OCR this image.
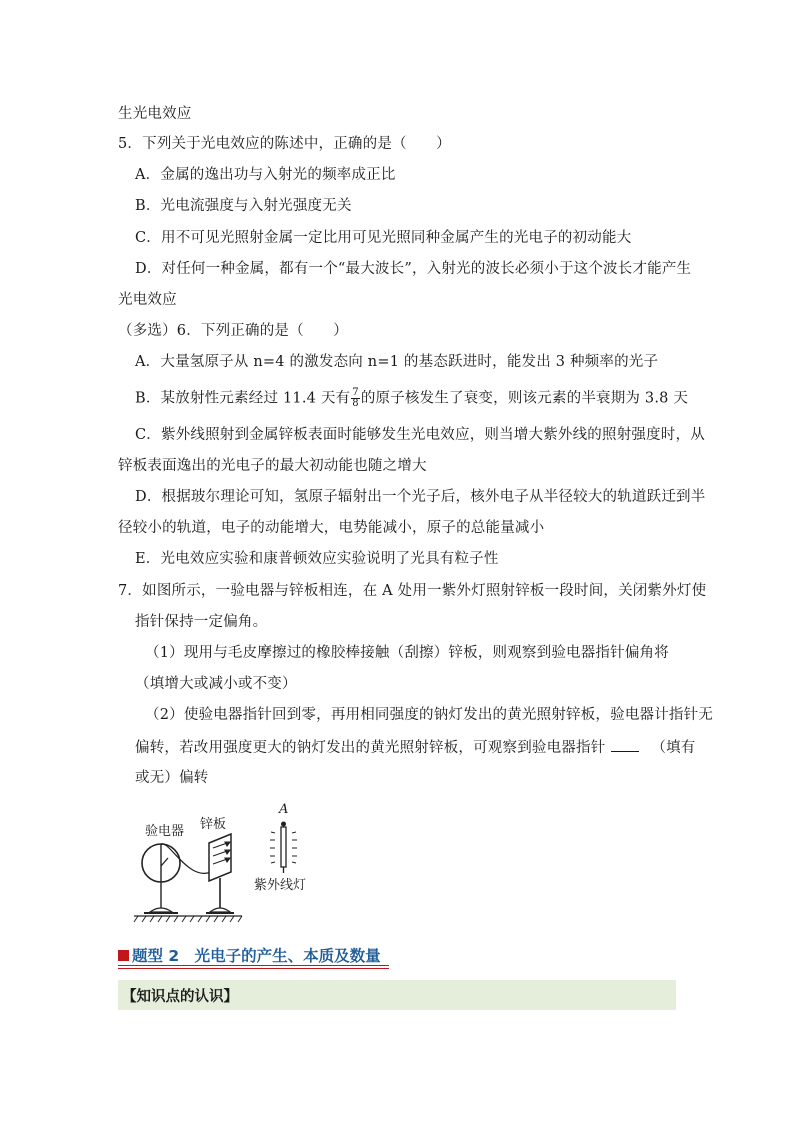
生光电效应
5．下列关于光电效应的陈述中，正确的是（　　）
A．金属的逸出功与入射光的频率成正比
B．光电流强度与入射光强度无关
C．用不可见光照射金属一定比用可见光照同种金属产生的光电子的初动能大
D．对任何一种金属，都有一个“最大波长”，入射光的波长必须小于这个波长才能产生
光电效应
（多选）6．下列正确的是（　　）
A．大量氢原子从 n=4 的激发态向 n=1 的基态跃进时，能发出 3 种频率的光子
B．某放射性元素经过 11.4 天有 $\frac{7}{8}$ 的原子核发生了衰变，则该元素的半衰期为 3.8 天
C．紫外线照射到金属锌板表面时能够发生光电效应，则当增大紫外线的照射强度时，从
锌板表面逸出的光电子的最大初动能也随之增大
D．根据玻尔理论可知，氢原子辐射出一个光子后，核外电子从半径较大的轨道跃迁到半
径较小的轨道，电子的动能增大，电势能减小，原子的总能量减小
E．光电效应实验和康普顿效应实验说明了光具有粒子性
7．如图所示，一验电器与锌板相连，在 A 处用一紫外灯照射锌板一段时间，关闭紫外灯使
指针保持一定偏角。
（1）现用与毛皮摩擦过的橡胶棒接触（刮擦）锌板，则观察到验电器指针偏角将
（填增大或减小或不变）
（2）使验电器指针回到零，再用相同强度的钠灯发出的黄光照射锌板，验电器计指针无
偏转，若改用强度更大的钠灯发出的黄光照射锌板，可观察到验电器指针	（填有
或无）偏转
验电器 锌板
A
紫外线灯
题型 2　光电子的产生、本质及数量
【知识点的认识】
